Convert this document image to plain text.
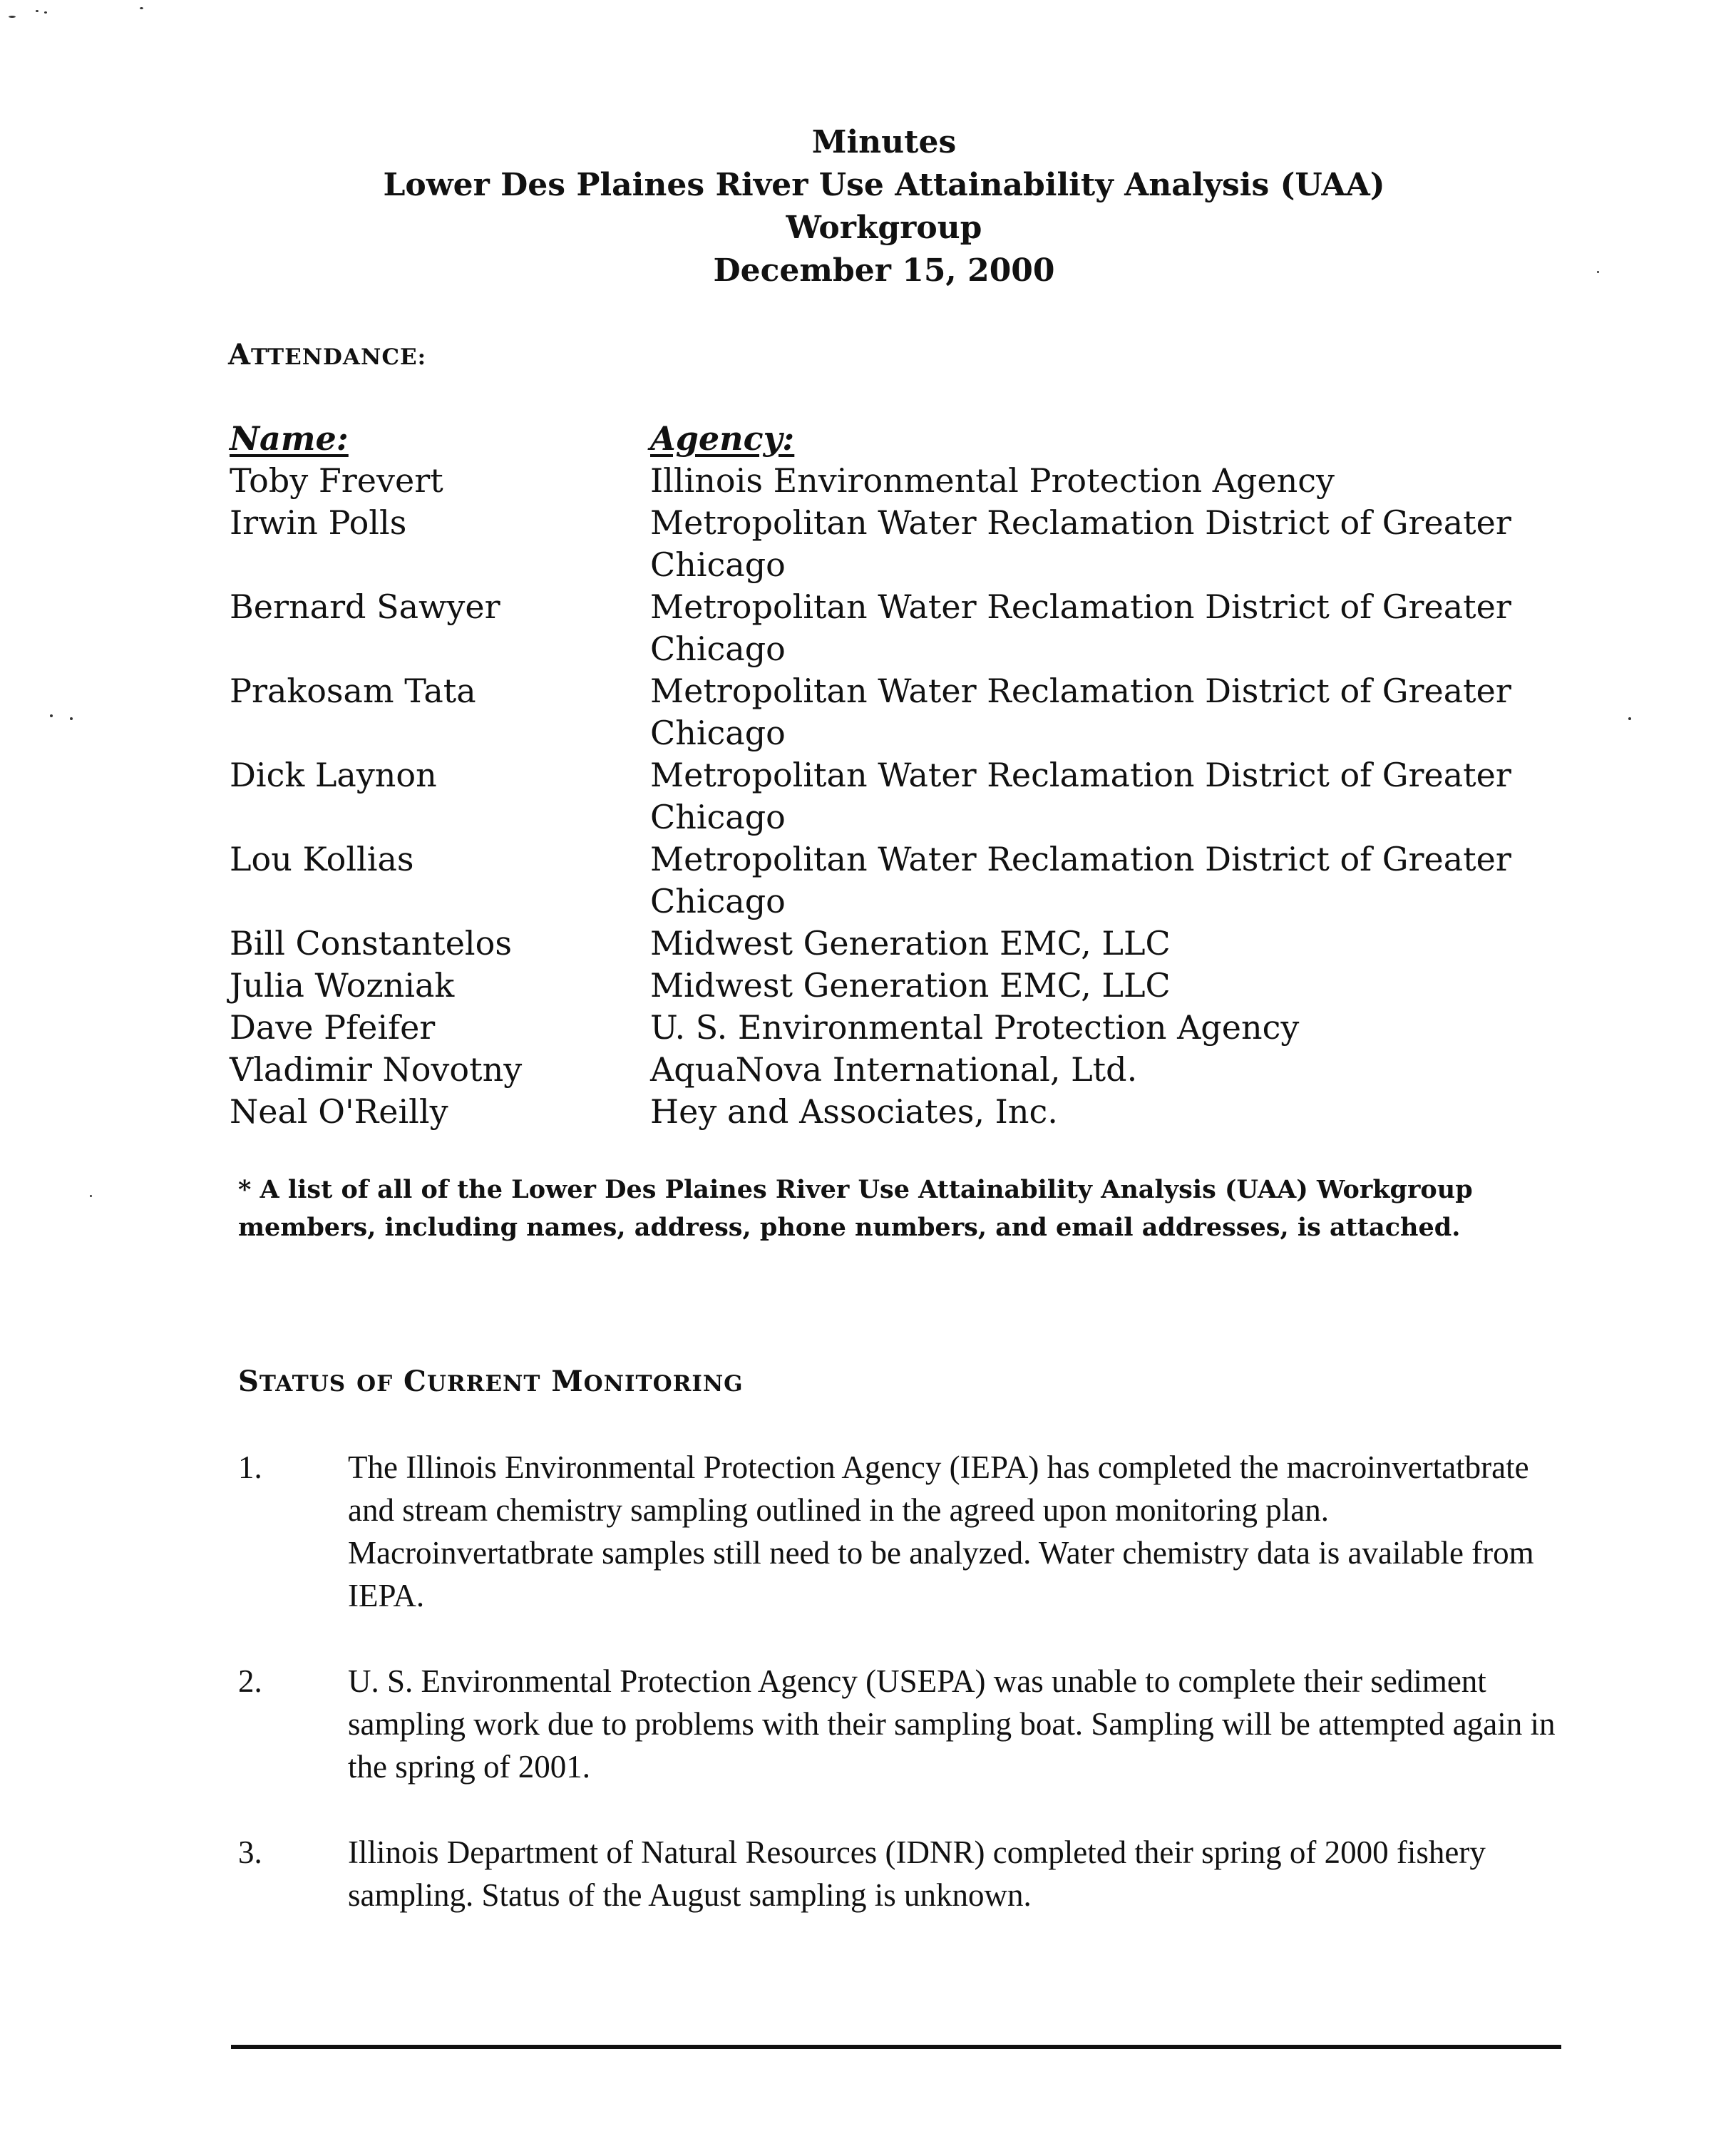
Minutes
Lower Des Plaines River Use Attainability Analysis (UAA)
Workgroup
December 15, 2000
ATTENDANCE:
Name:	Agency:
Toby Frevert	Illinois Environmental Protection Agency
Irwin Polls	Metropolitan Water Reclamation District of Greater Chicago
Bernard Sawyer	Metropolitan Water Reclamation District of Greater Chicago
Prakosam Tata	Metropolitan Water Reclamation District of Greater Chicago
Dick Laynon	Metropolitan Water Reclamation District of Greater Chicago
Lou Kollias	Metropolitan Water Reclamation District of Greater Chicago
Bill Constantelos	Midwest Generation EMC, LLC
Julia Wozniak	Midwest Generation EMC, LLC
Dave Pfeifer	U. S. Environmental Protection Agency
Vladimir Novotny	AquaNova International, Ltd.
Neal O'Reilly	Hey and Associates, Inc.
* A list of all of the Lower Des Plaines River Use Attainability Analysis (UAA) Workgroup members, including names, address, phone numbers, and email addresses, is attached.
STATUS OF CURRENT MONITORING
1.	The Illinois Environmental Protection Agency (IEPA) has completed the macroinvertatbrate and stream chemistry sampling outlined in the agreed upon monitoring plan. Macroinvertatbrate samples still need to be analyzed. Water chemistry data is available from IEPA.
2.	U. S. Environmental Protection Agency (USEPA) was unable to complete their sediment sampling work due to problems with their sampling boat. Sampling will be attempted again in the spring of 2001.
3.	Illinois Department of Natural Resources (IDNR) completed their spring of 2000 fishery sampling. Status of the August sampling is unknown.
